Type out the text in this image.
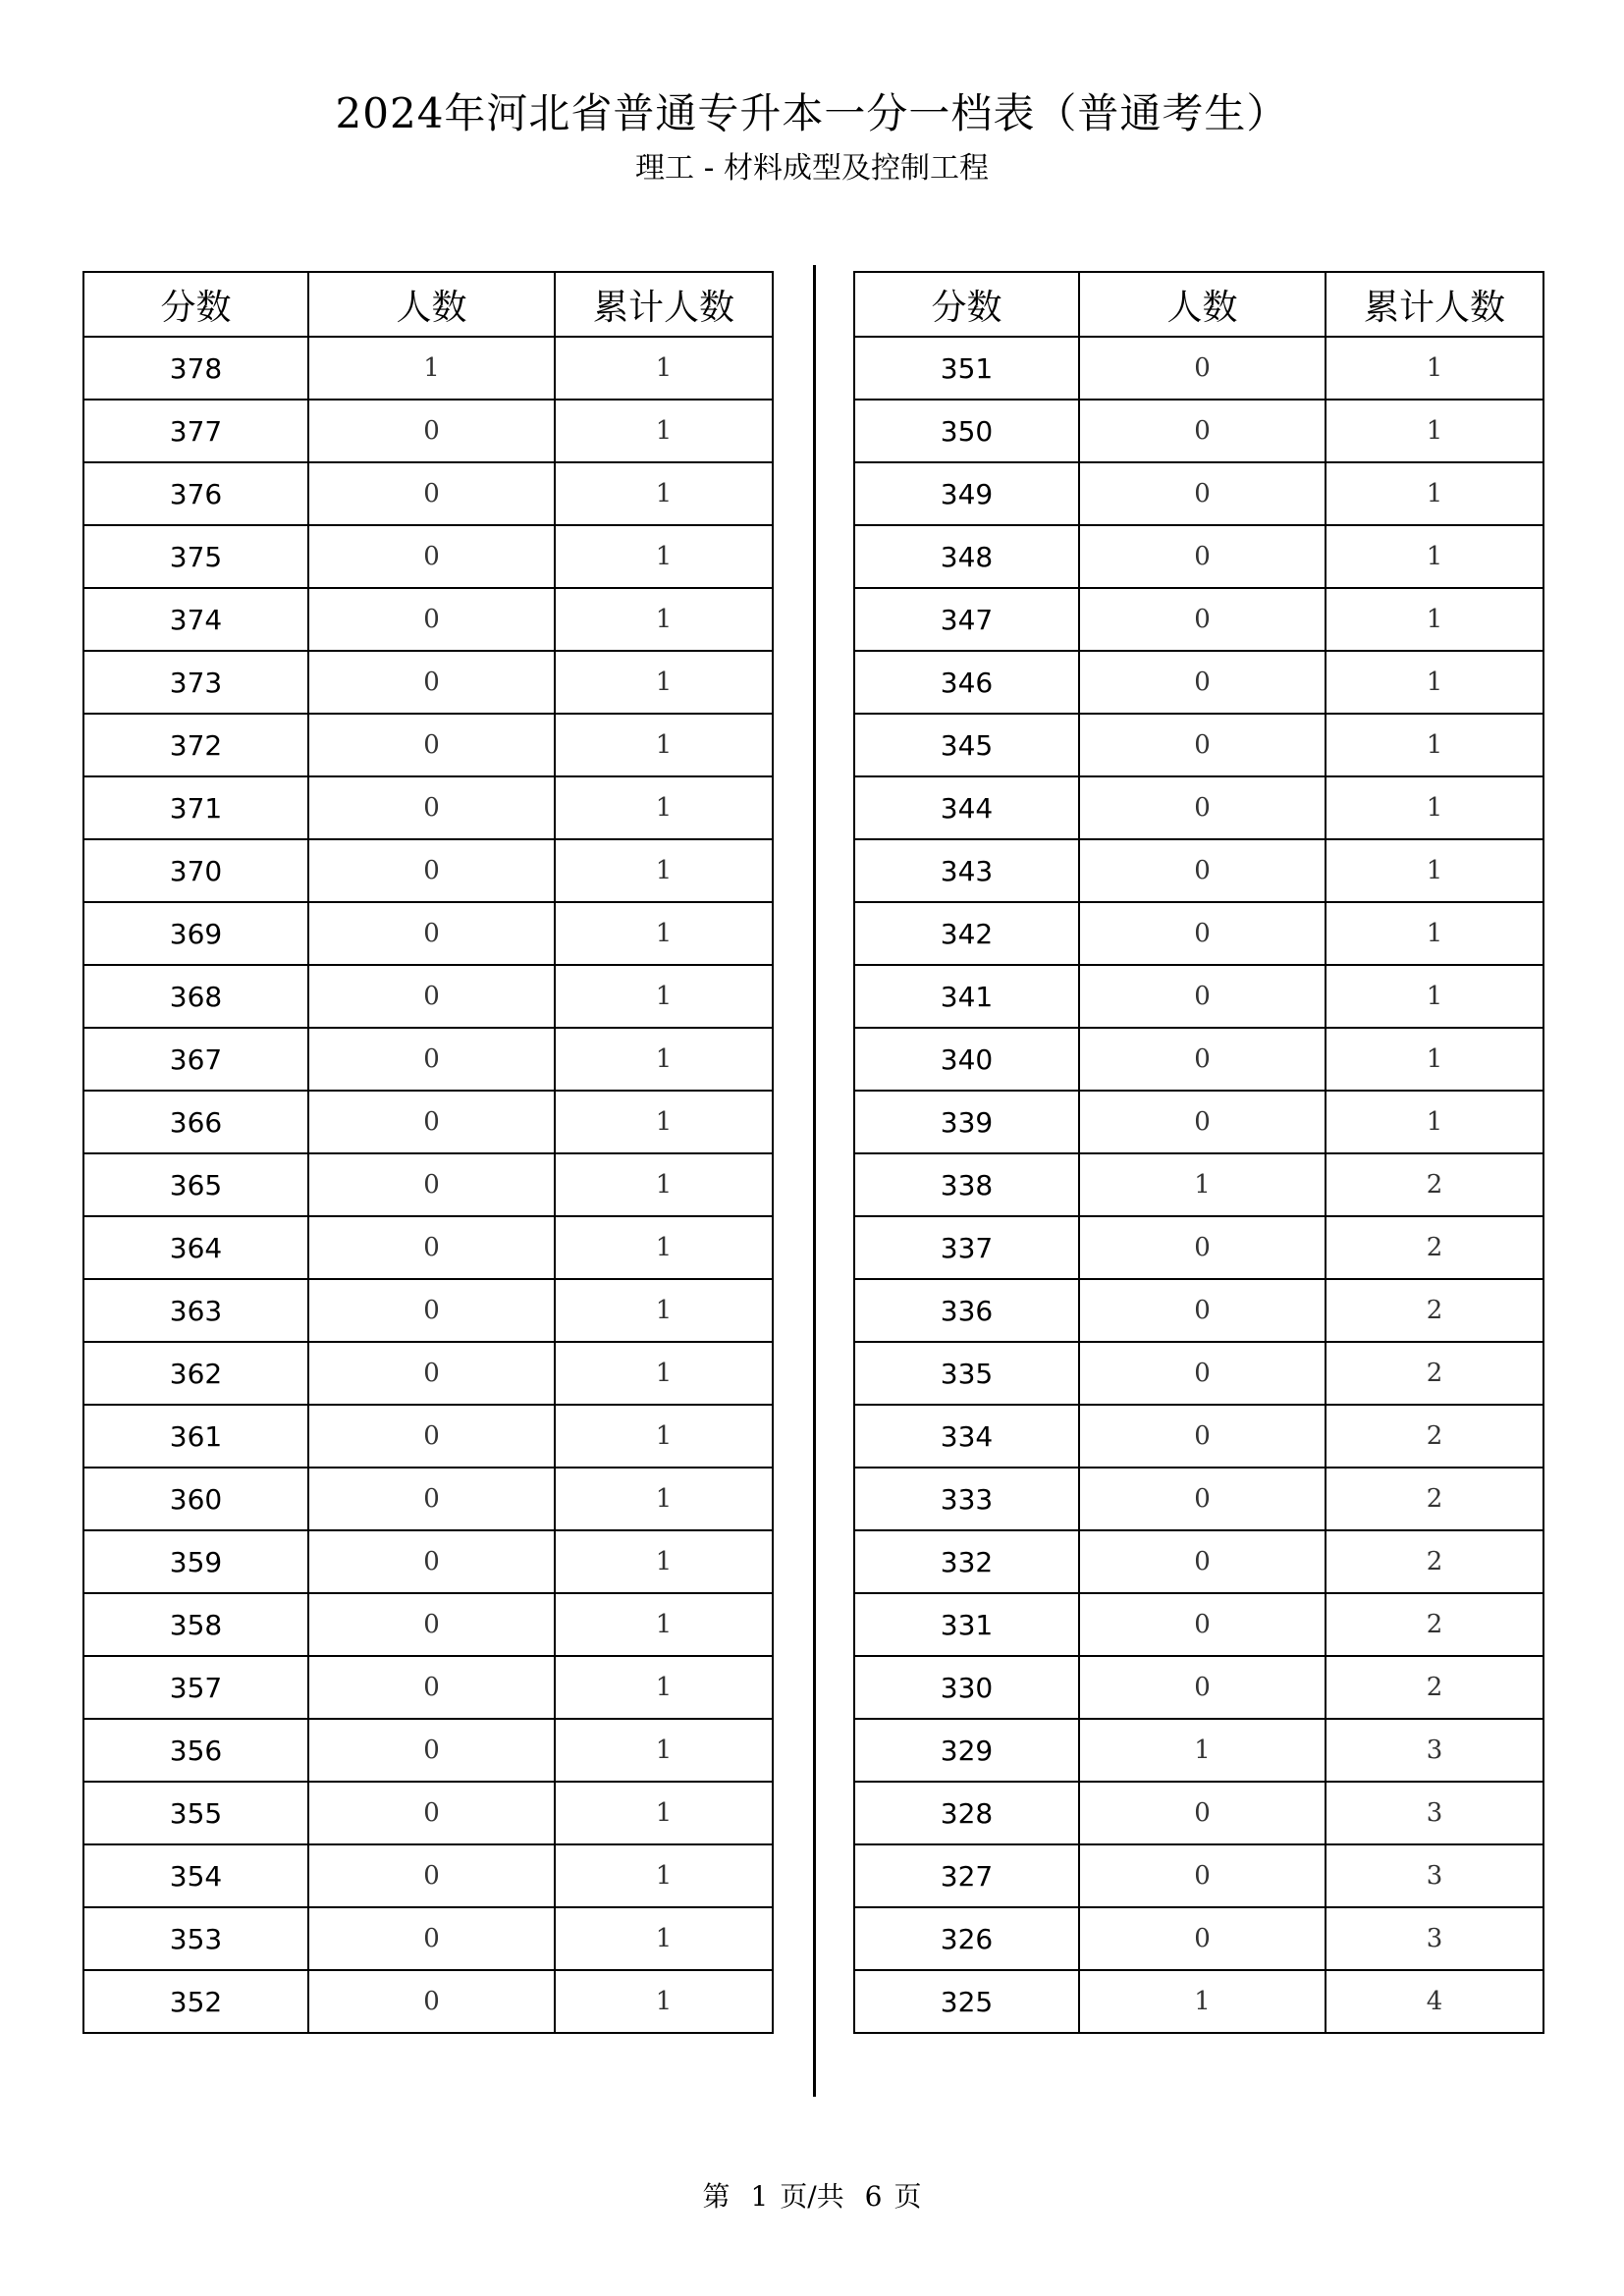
2024年河北省普通专升本一分一档表（普通考生）
理工 - 材料成型及控制工程
分数	人数	累计人数
378	1	1
377	0	1
376	0	1
375	0	1
374	0	1
373	0	1
372	0	1
371	0	1
370	0	1
369	0	1
368	0	1
367	0	1
366	0	1
365	0	1
364	0	1
363	0	1
362	0	1
361	0	1
360	0	1
359	0	1
358	0	1
357	0	1
356	0	1
355	0	1
354	0	1
353	0	1
352	0	1
分数	人数	累计人数
351	0	1
350	0	1
349	0	1
348	0	1
347	0	1
346	0	1
345	0	1
344	0	1
343	0	1
342	0	1
341	0	1
340	0	1
339	0	1
338	1	2
337	0	2
336	0	2
335	0	2
334	0	2
333	0	2
332	0	2
331	0	2
330	0	2
329	1	3
328	0	3
327	0	3
326	0	3
325	1	4
第 1 页/共 6 页
